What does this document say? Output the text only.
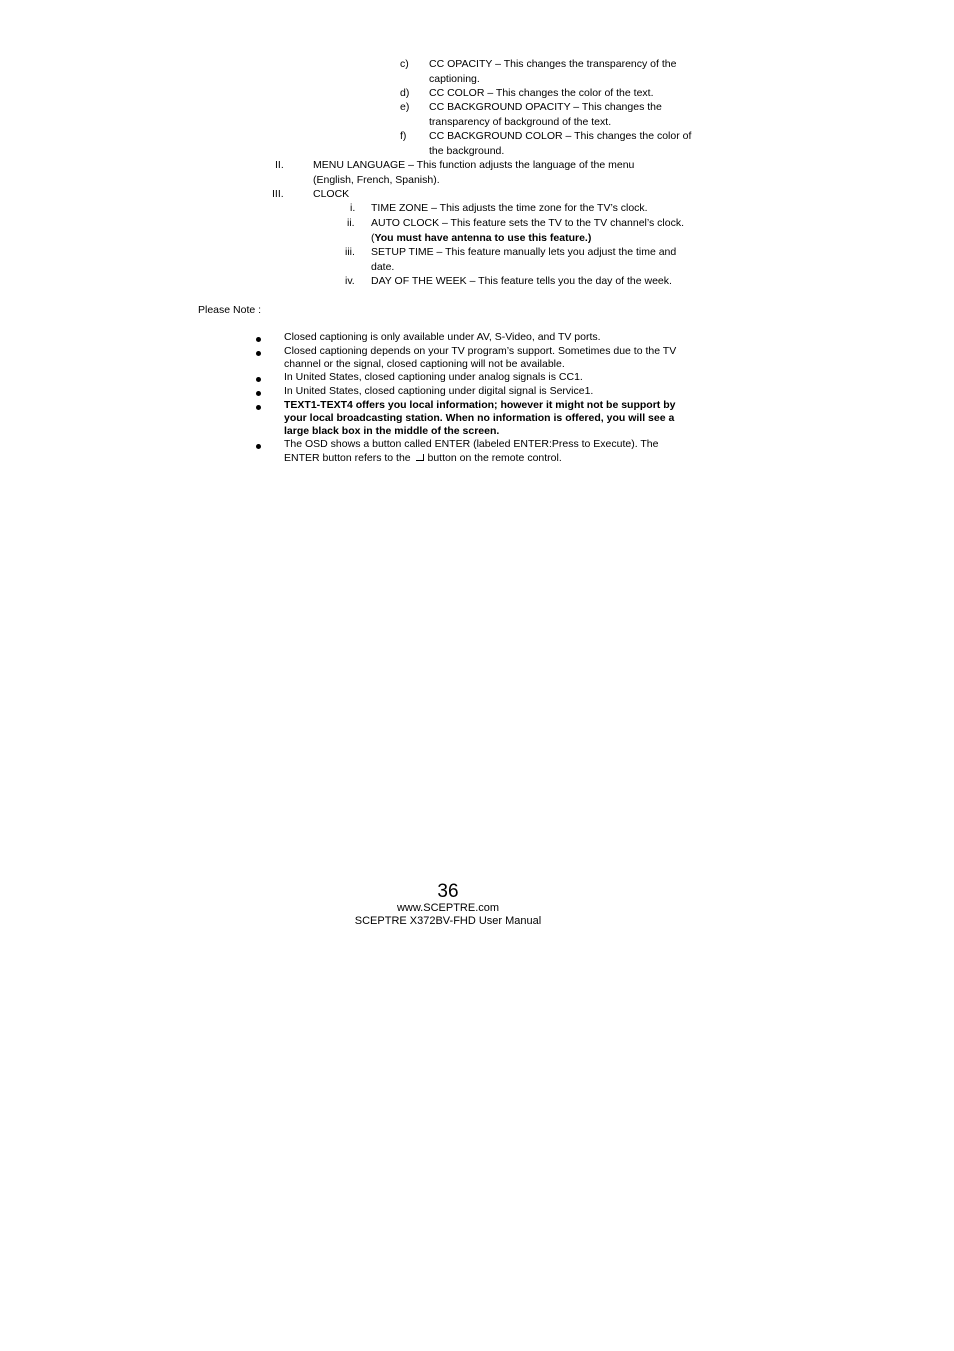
c) CC OPACITY – This changes the transparency of the captioning.
d) CC COLOR – This changes the color of the text.
e) CC BACKGROUND OPACITY – This changes the transparency of background of the text.
f) CC BACKGROUND COLOR – This changes the color of the background.
II.	MENU LANGUAGE – This function adjusts the language of the menu (English, French, Spanish).
III.	CLOCK
i. TIME ZONE – This adjusts the time zone for the TV’s clock.
ii. AUTO CLOCK – This feature sets the TV to the TV channel’s clock. (You must have antenna to use this feature.)
iii. SETUP TIME – This feature manually lets you adjust the time and date.
iv. DAY OF THE WEEK – This feature tells you the day of the week.
Please Note :
Closed captioning is only available under AV, S-Video, and TV ports.
Closed captioning depends on your TV program’s support. Sometimes due to the TV channel or the signal, closed captioning will not be available.
In United States, closed captioning under analog signals is CC1.
In United States, closed captioning under digital signal is Service1.
TEXT1-TEXT4 offers you local information; however it might not be support by your local broadcasting station. When no information is offered, you will see a large black box in the middle of the screen.
The OSD shows a button called ENTER (labeled ENTER:Press to Execute). The ENTER button refers to the button on the remote control.
36
www.SCEPTRE.com
SCEPTRE X372BV-FHD User Manual
